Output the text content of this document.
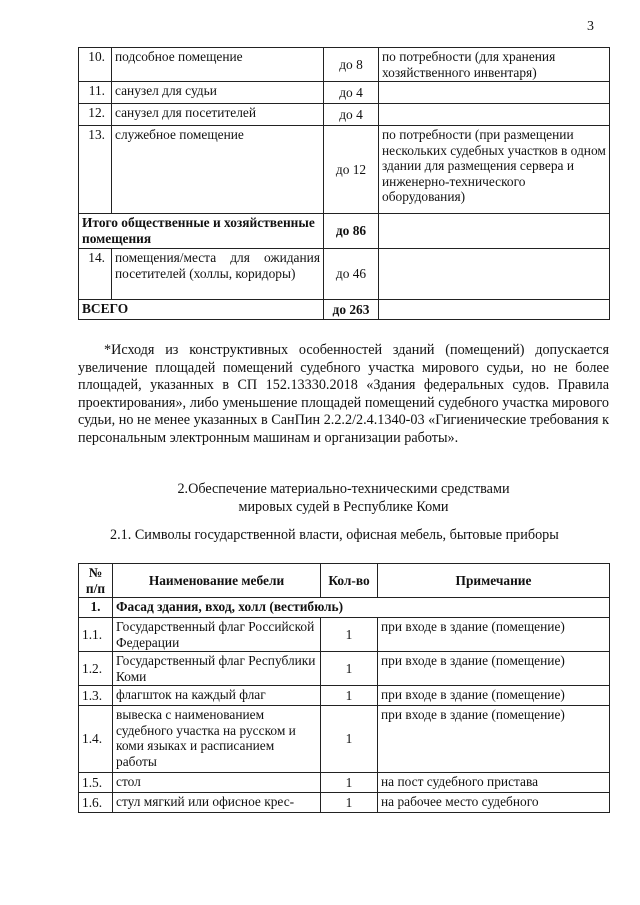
3
10.	подсобное помещение	до 8	по потребности (для хранения хозяйственного инвентаря)
11.	санузел для судьи	до 4	
12.	санузел для посетителей	до 4	
13.	служебное помещение	до 12	по потребности (при размещении нескольких судебных участков в одном здании для размещения сервера и инженерно-технического оборудования)
Итого общественные и хозяйственные помещения		до 86	
14.	помещения/места для ожидания посетителей (холлы, коридоры)	до 46	
ВСЕГО		до 263	
*Исходя из конструктивных особенностей зданий (помещений) допускается увеличение площадей помещений судебного участка мирового судьи, но не более площадей, указанных в СП 152.13330.2018 «Здания федеральных судов. Правила проектирования», либо уменьшение площадей помещений судебного участка мирового судьи, но не менее указанных в СанПин 2.2.2/2.4.1340-03 «Гигиенические требования к персональным электронным машинам и организации работы».
2.Обеспечение материально-техническими средствами
мировых судей в Республике Коми
2.1. Символы государственной власти, офисная мебель, бытовые приборы
№ п/п	Наименование мебели	Кол-во	Примечание
1.	Фасад здания, вход, холл (вестибюль)		
1.1.	Государственный флаг Российской Федерации	1	при входе в здание (помещение)
1.2.	Государственный флаг Республики Коми	1	при входе в здание (помещение)
1.3.	флагшток на каждый флаг	1	при входе в здание (помещение)
1.4.	вывеска с наименованием судебного участка на русском и коми языках и расписанием работы	1	при входе в здание (помещение)
1.5.	стол	1	на пост судебного пристава
1.6.	стул мягкий или офисное крес-	1	на рабочее место судебного
